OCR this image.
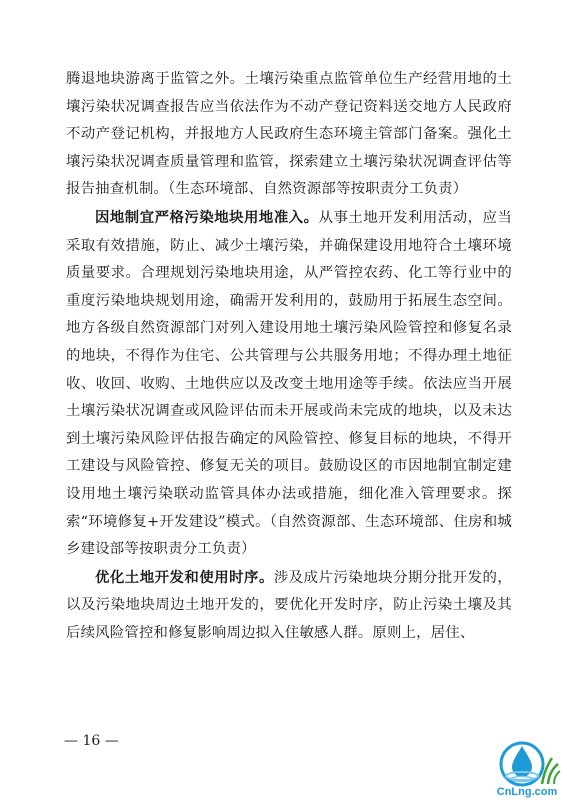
腾退地块游离于监管之外。土壤污染重点监管单位生产经营用地的土壤污染状况调查报告应当依法作为不动产登记资料送交地方人民政府不动产登记机构，并报地方人民政府生态环境主管部门备案。强化土壤污染状况调查质量管理和监管，探索建立土壤污染状况调查评估等报告抽查机制。（生态环境部、自然资源部等按职责分工负责）

因地制宜严格污染地块用地准入。从事土地开发利用活动，应当采取有效措施，防止、减少土壤污染，并确保建设用地符合土壤环境质量要求。合理规划污染地块用途，从严管控农药、化工等行业中的重度污染地块规划用途，确需开发利用的，鼓励用于拓展生态空间。地方各级自然资源部门对列入建设用地土壤污染风险管控和修复名录的地块，不得作为住宅、公共管理与公共服务用地；不得办理土地征收、收回、收购、土地供应以及改变土地用途等手续。依法应当开展土壤污染状况调查或风险评估而未开展或尚未完成的地块，以及未达到土壤污染风险评估报告确定的风险管控、修复目标的地块，不得开工建设与风险管控、修复无关的项目。鼓励设区的市因地制宜制定建设用地土壤污染联动监管具体办法或措施，细化准入管理要求。探索“环境修复+开发建设”模式。（自然资源部、生态环境部、住房和城乡建设部等按职责分工负责）

优化土地开发和使用时序。涉及成片污染地块分期分批开发的，以及污染地块周边土地开发的，要优化开发时序，防止污染土壤及其后续风险管控和修复影响周边拟入住敏感人群。原则上，居住、

— 16 —
CnLng.com
